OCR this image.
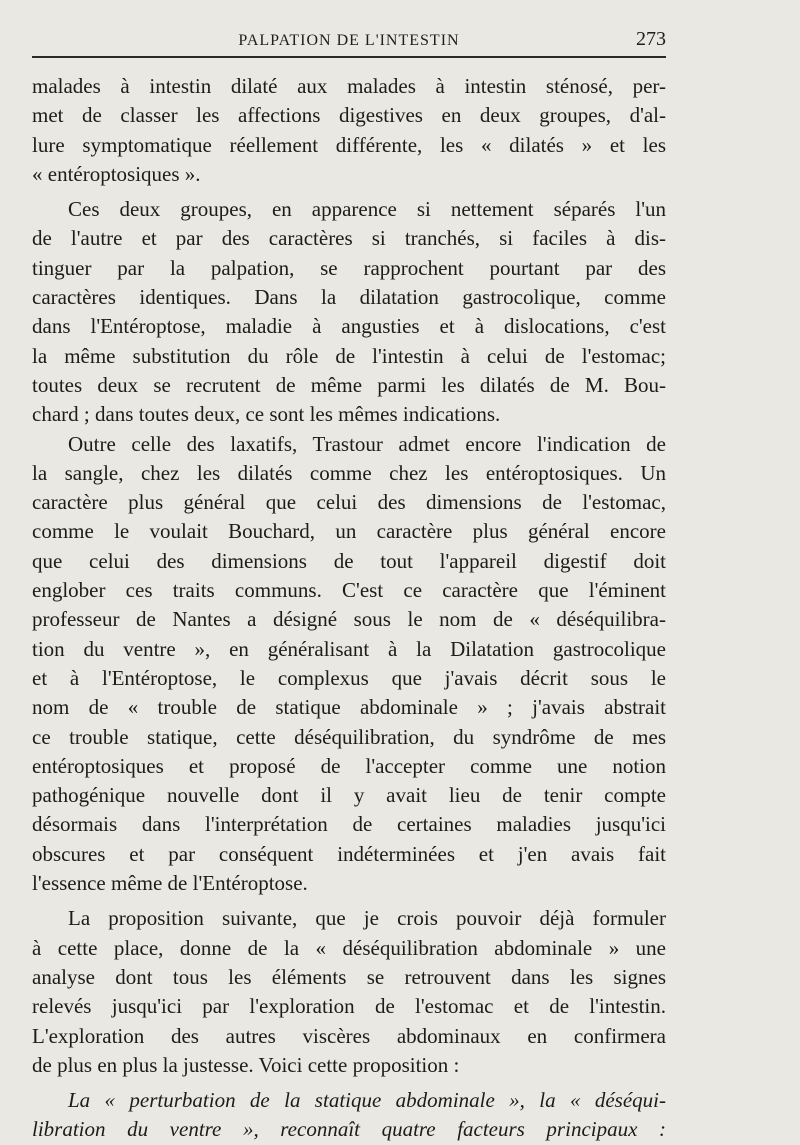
PALPATION DE L'INTESTIN	273
malades à intestin dilaté aux malades à intestin sténosé, per-
met de classer les affections digestives en deux groupes, d'al-
lure symptomatique réellement différente, les « dilatés » et les
« entéroptosiques ».
Ces deux groupes, en apparence si nettement séparés l'un
de l'autre et par des caractères si tranchés, si faciles à dis-
tinguer par la palpation, se rapprochent pourtant par des
caractères identiques. Dans la dilatation gastrocolique, comme
dans l'Entéroptose, maladie à angusties et à dislocations, c'est
la même substitution du rôle de l'intestin à celui de l'estomac;
toutes deux se recrutent de même parmi les dilatés de M. Bou-
chard ; dans toutes deux, ce sont les mêmes indications.
Outre celle des laxatifs, Trastour admet encore l'indication de
la sangle, chez les dilatés comme chez les entéroptosiques. Un
caractère plus général que celui des dimensions de l'estomac,
comme le voulait Bouchard, un caractère plus général encore
que celui des dimensions de tout l'appareil digestif doit
englober ces traits communs. C'est ce caractère que l'éminent
professeur de Nantes a désigné sous le nom de « déséquilibra-
tion du ventre », en généralisant à la Dilatation gastrocolique
et à l'Entéroptose, le complexus que j'avais décrit sous le
nom de « trouble de statique abdominale » ; j'avais abstrait
ce trouble statique, cette déséquilibration, du syndrôme de mes
entéroptosiques et proposé de l'accepter comme une notion
pathogénique nouvelle dont il y avait lieu de tenir compte
désormais dans l'interprétation de certaines maladies jusqu'ici
obscures et par conséquent indéterminées et j'en avais fait
l'essence même de l'Entéroptose.
La proposition suivante, que je crois pouvoir déjà formuler
à cette place, donne de la « déséquilibration abdominale » une
analyse dont tous les éléments se retrouvent dans les signes
relevés jusqu'ici par l'exploration de l'estomac et de l'intestin.
L'exploration des autres viscères abdominaux en confirmera
de plus en plus la justesse. Voici cette proposition :
La « perturbation de la statique abdominale », la « déséqui-
libration du ventre », reconnaît quatre facteurs principaux :
